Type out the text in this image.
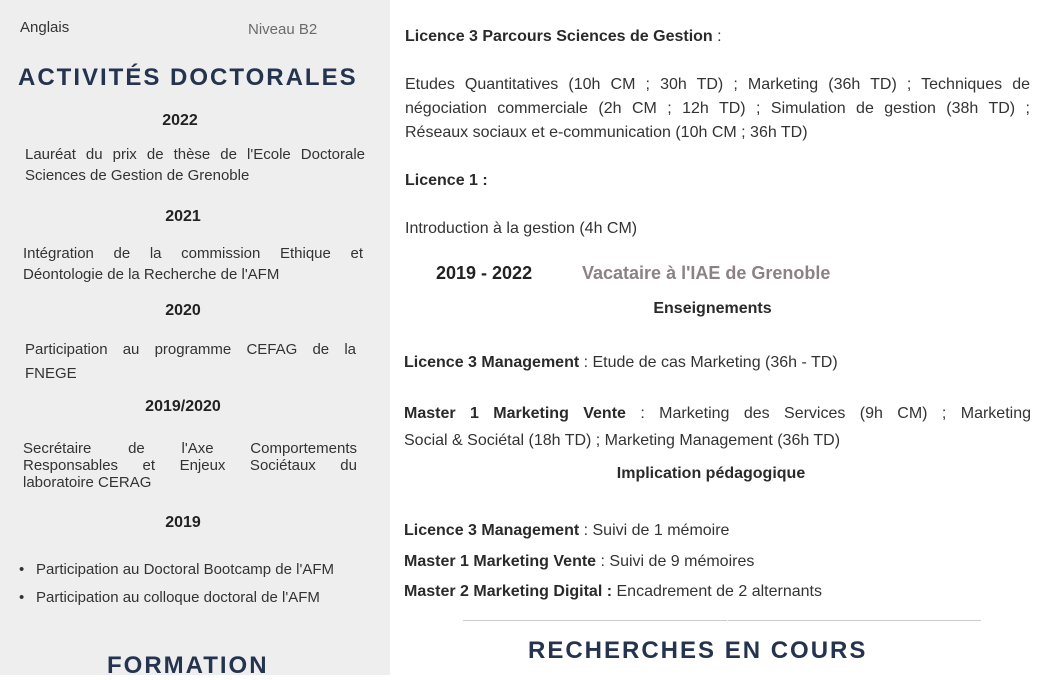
Anglais	Niveau B2
ACTIVITÉS DOCTORALES
2022
Lauréat du prix de thèse de l'Ecole Doctorale
Sciences de Gestion de Grenoble
2021
Intégration de la commission Ethique et
Déontologie de la Recherche de l'AFM
2020
Participation au programme CEFAG de la
FNEGE
2019/2020
Secrétaire de l'Axe Comportements
Responsables et Enjeux Sociétaux du
laboratoire CERAG
2019
• Participation au Doctoral Bootcamp de l'AFM
• Participation au colloque doctoral de l'AFM
FORMATION
Licence 3 Parcours Sciences de Gestion :
Etudes Quantitatives (10h CM ; 30h TD) ; Marketing (36h TD) ; Techniques de
négociation commerciale (2h CM ; 12h TD) ; Simulation de gestion (38h TD) ;
Réseaux sociaux et e-communication (10h CM ; 36h TD)
Licence 1 :
Introduction à la gestion (4h CM)
2019 - 2022	Vacataire à l'IAE de Grenoble
Enseignements
Licence 3 Management : Etude de cas Marketing (36h - TD)
Master 1 Marketing Vente : Marketing des Services (9h CM) ; Marketing
Social & Sociétal (18h TD) ; Marketing Management (36h TD)
Implication pédagogique
Licence 3 Management : Suivi de 1 mémoire
Master 1 Marketing Vente : Suivi de 9 mémoires
Master 2 Marketing Digital : Encadrement de 2 alternants
RECHERCHES EN COURS
